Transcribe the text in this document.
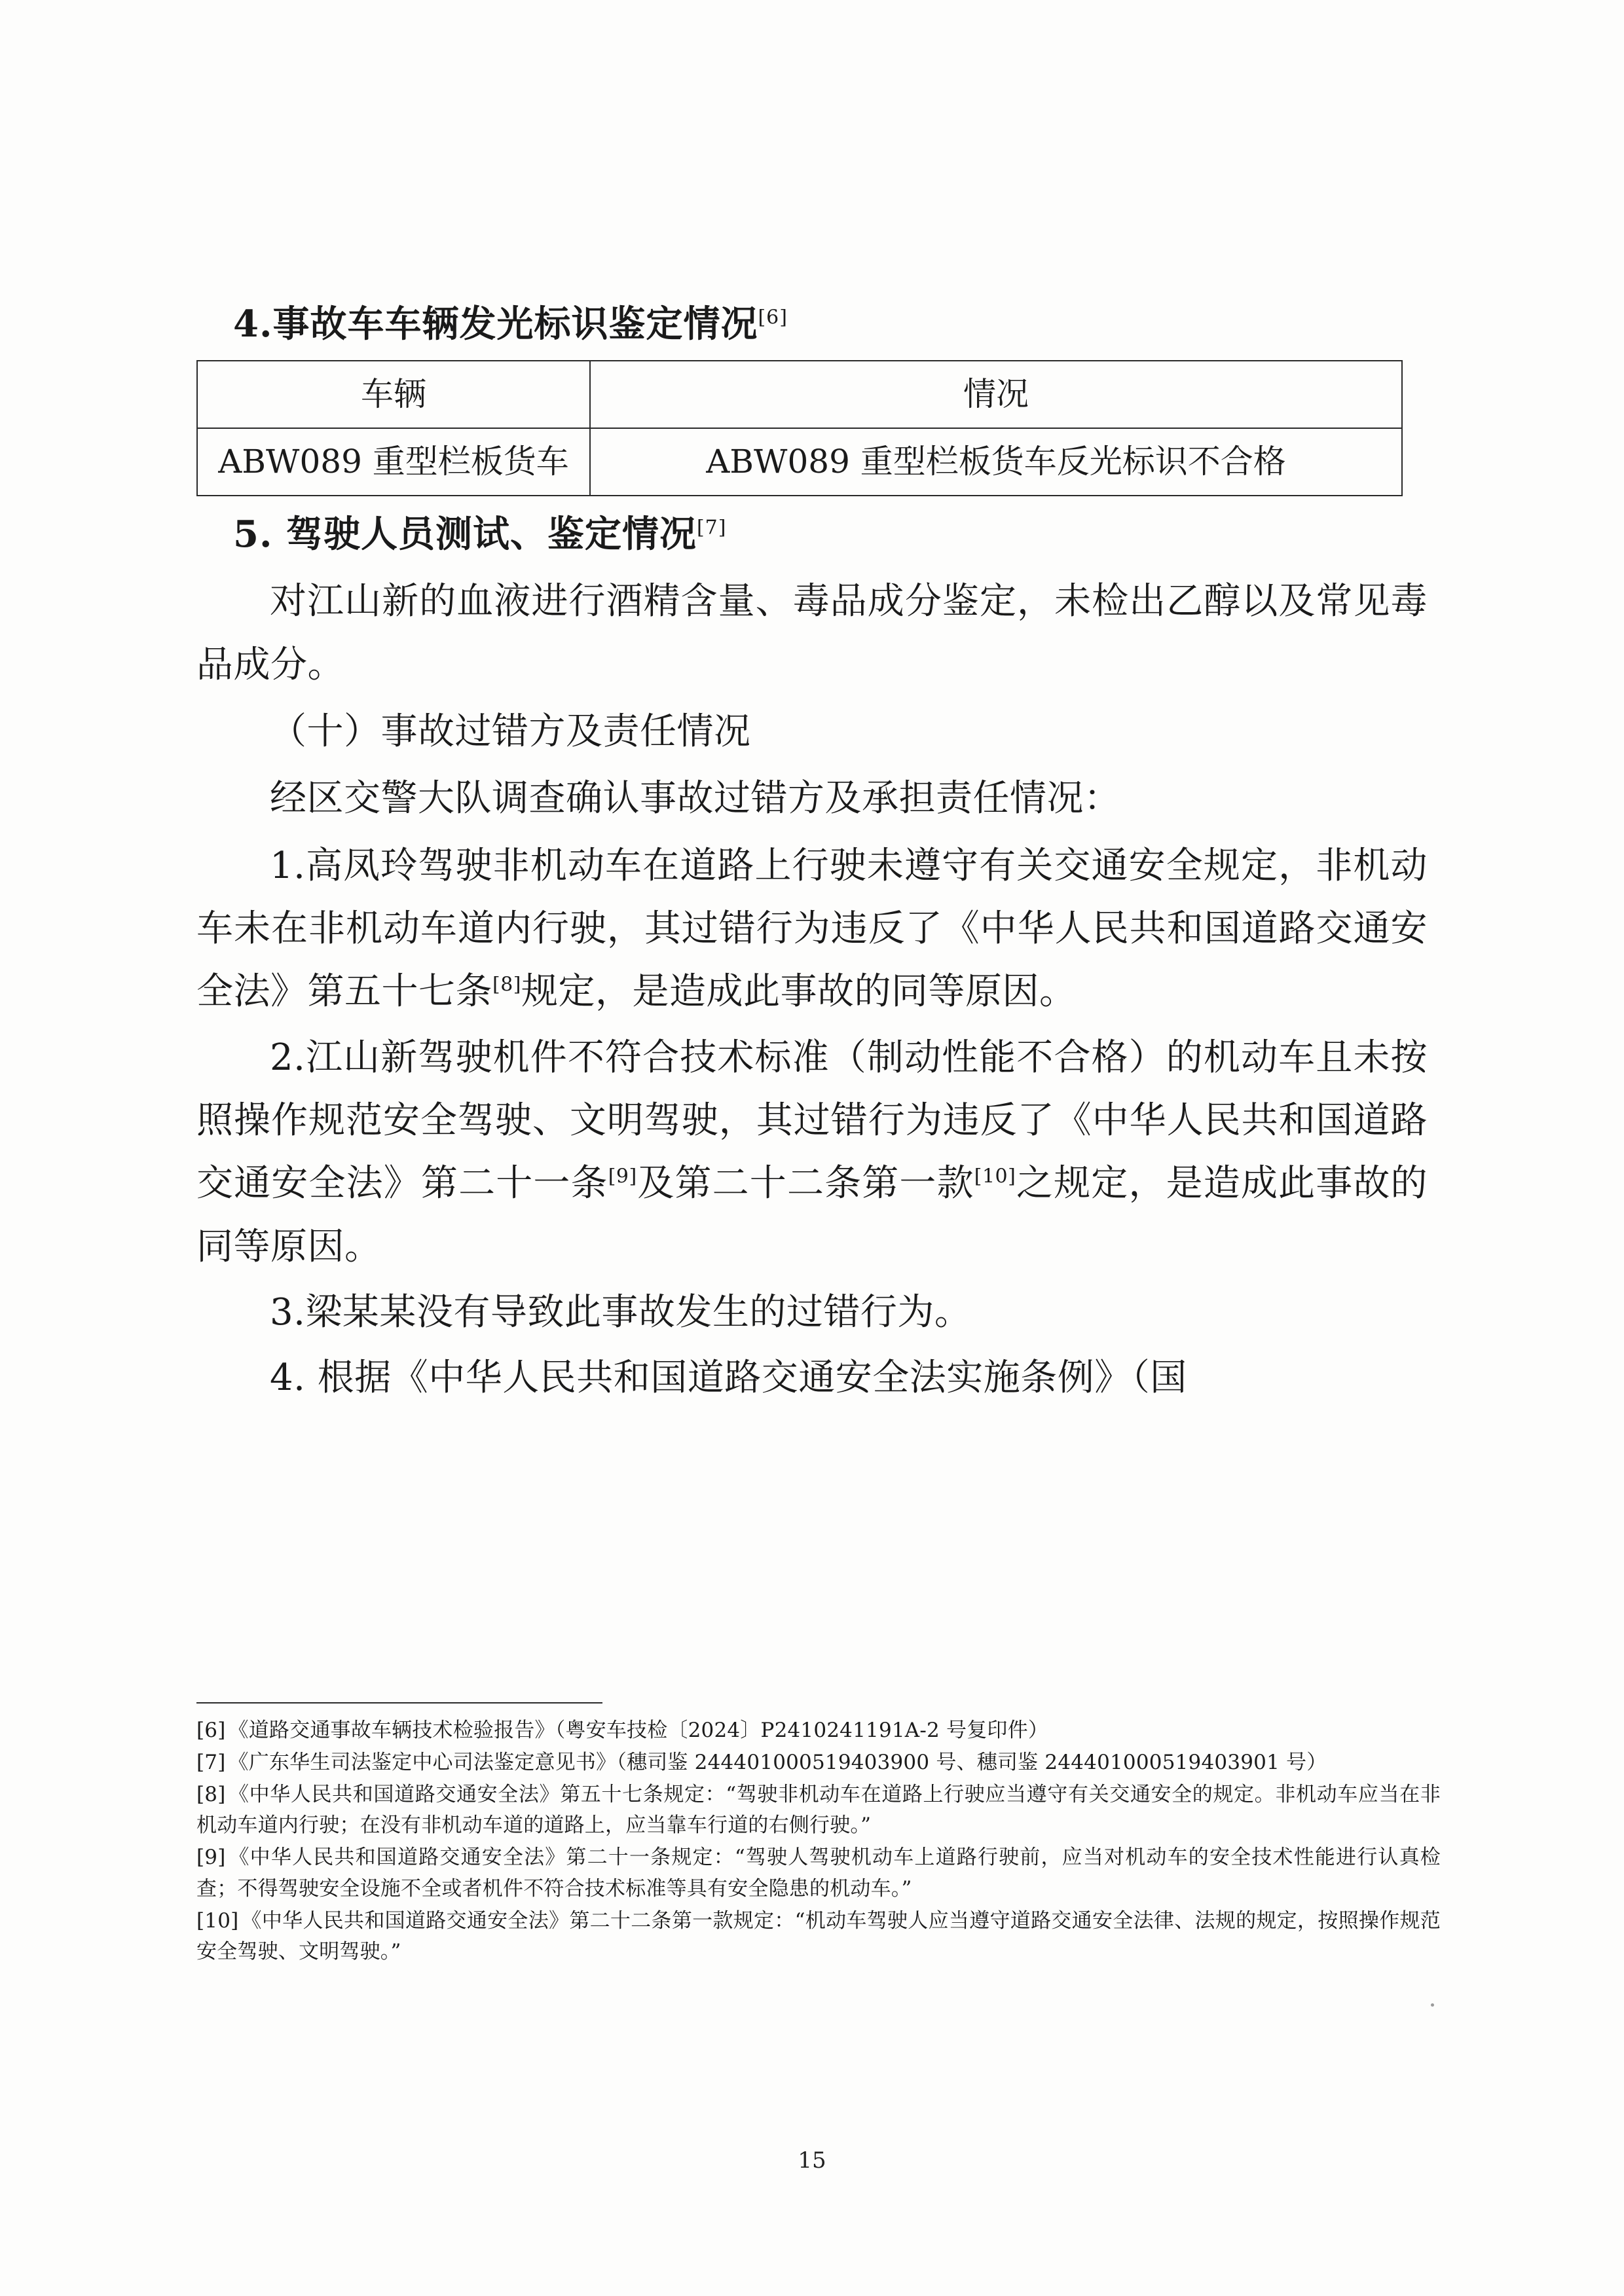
4.事故车车辆发光标识鉴定情况[6]
车辆	情况
ABW089 重型栏板货车	ABW089 重型栏板货车反光标识不合格
5. 驾驶人员测试、鉴定情况[7]

对江山新的血液进行酒精含量、毒品成分鉴定，未检出乙醇以及常见毒品成分。

（十）事故过错方及责任情况

经区交警大队调查确认事故过错方及承担责任情况：

1.高凤玲驾驶非机动车在道路上行驶未遵守有关交通安全规定，非机动车未在非机动车道内行驶，其过错行为违反了《中华人民共和国道路交通安全法》第五十七条[8]规定，是造成此事故的同等原因。

2.江山新驾驶机件不符合技术标准（制动性能不合格）的机动车且未按照操作规范安全驾驶、文明驾驶，其过错行为违反了《中华人民共和国道路交通安全法》第二十一条[9]及第二十二条第一款[10]之规定，是造成此事故的同等原因。

3.梁某某没有导致此事故发生的过错行为。

4. 根据《中华人民共和国道路交通安全法实施条例》（国

[6] 《道路交通事故车辆技术检验报告》（粤安车技检〔2024〕P2410241191A-2 号复印件）

[7] 《广东华生司法鉴定中心司法鉴定意见书》（穗司鉴 244401000519403900 号、穗司鉴 244401000519403901 号）

[8] 《中华人民共和国道路交通安全法》第五十七条规定：“驾驶非机动车在道路上行驶应当遵守有关交通安全的规定。非机动车应当在非机动车道内行驶；在没有非机动车道的道路上，应当靠车行道的右侧行驶。”

[9] 《中华人民共和国道路交通安全法》第二十一条规定：“驾驶人驾驶机动车上道路行驶前，应当对机动车的安全技术性能进行认真检查；不得驾驶安全设施不全或者机件不符合技术标准等具有安全隐患的机动车。”

[10] 《中华人民共和国道路交通安全法》第二十二条第一款规定：“机动车驾驶人应当遵守道路交通安全法律、法规的规定，按照操作规范安全驾驶、文明驾驶。”

15
